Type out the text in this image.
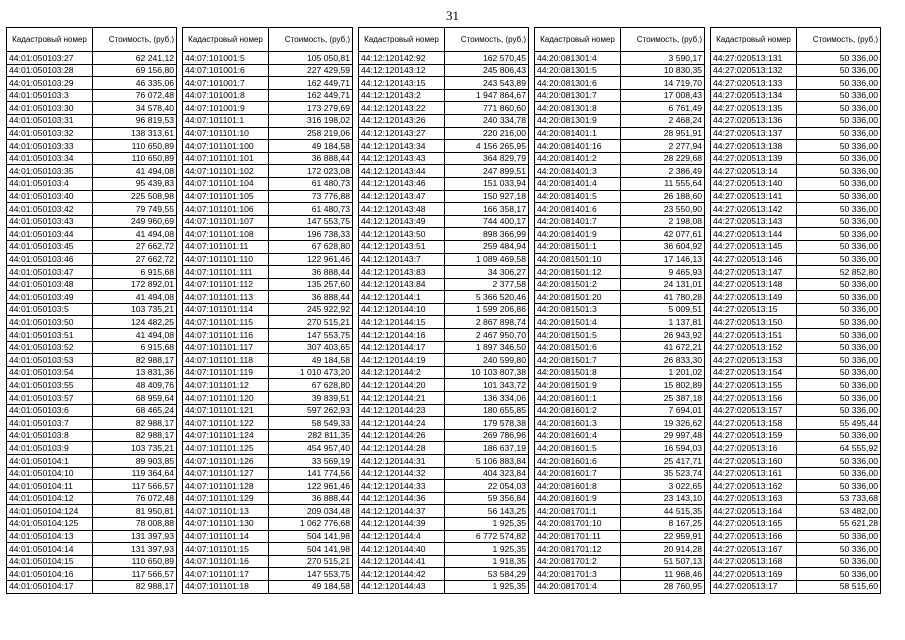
31
Кадастровый номер	Стоимость, (руб.)
44:01:050103:27	62 241,12
44:01:050103:28	69 156,80
44:01:050103:29	46 335,06
44:01:050103:3	76 072,48
44:01:050103:30	34 578,40
44:01:050103:31	96 819,53
44:01:050103:32	138 313,61
44:01:050103:33	110 650,89
44:01:050103:34	110 650,89
44:01:050103:35	41 494,08
44:01:050103:4	95 439,83
44:01:050103:40	225 508,98
44:01:050103:42	79 749,55
44:01:050103:43	249 960,69
44:01:050103:44	41 494,08
44:01:050103:45	27 662,72
44:01:050103:46	27 662,72
44:01:050103:47	6 915,68
44:01:050103:48	172 892,01
44:01:050103:49	41 494,08
44:01:050103:5	103 735,21
44:01:050103:50	124 482,25
44:01:050103:51	41 494,08
44:01:050103:52	6 915,68
44:01:050103:53	82 988,17
44:01:050103:54	13 831,36
44:01:050103:55	48 409,76
44:01:050103:57	68 959,64
44:01:050103:6	68 465,24
44:01:050103:7	82 988,17
44:01:050103:8	82 988,17
44:01:050103:9	103 735,21
44:01:050104:1	89 903,85
44:01:050104:10	119 364,64
44:01:050104:11	117 566,57
44:01:050104:12	76 072,48
44:01:050104:124	81 950,81
44:01:050104:125	78 008,88
44:01:050104:13	131 397,93
44:01:050104:14	131 397,93
44:01:050104:15	110 650,89
44:01:050104:16	117 566,57
44:01:050104:17	82 988,17
Кадастровый номер	Стоимость, (руб.)
44:07:101001:5	105 050,81
44:07:101001:6	227 429,59
44:07:101001:7	162 449,71
44:07:101001:8	162 449,71
44:07:101001:9	173 279,69
44:07:101101:1	316 198,02
44:07:101101:10	258 219,06
44:07:101101:100	49 184,58
44:07:101101:101	36 888,44
44:07:101101:102	172 023,08
44:07:101101:104	61 480,73
44:07:101101:105	73 776,88
44:07:101101:106	61 480,73
44:07:101101:107	147 553,75
44:07:101101:108	196 738,33
44:07:101101:11	67 628,80
44:07:101101:110	122 961,46
44:07:101101:111	36 888,44
44:07:101101:112	135 257,60
44:07:101101:113	36 888,44
44:07:101101:114	245 922,92
44:07:101101:115	270 515,21
44:07:101101:116	147 553,75
44:07:101101:117	307 403,65
44:07:101101:118	49 184,58
44:07:101101:119	1 010 473,20
44:07:101101:12	67 628,80
44:07:101101:120	39 839,51
44:07:101101:121	597 262,93
44:07:101101:122	58 549,33
44:07:101101:124	282 811,35
44:07:101101:125	454 957,40
44:07:101101:126	33 569,19
44:07:101101:127	141 774,56
44:07:101101:128	122 961,46
44:07:101101:129	36 888,44
44:07:101101:13	209 034,48
44:07:101101:130	1 062 776,68
44:07:101101:14	504 141,98
44:07:101101:15	504 141,98
44:07:101101:16	270 515,21
44:07:101101:17	147 553,75
44:07:101101:18	49 184,58
Кадастровый номер	Стоимость, (руб.)
44:12:120142:92	162 570,45
44:12:120143:12	245 806,43
44:12:120143:15	243 543,89
44:12:120143:2	1 947 864,67
44:12:120143:22	771 860,60
44:12:120143:26	240 334,78
44:12:120143:27	220 216,00
44:12:120143:34	4 156 265,95
44:12:120143:43	364 829,79
44:12:120143:44	247 899,51
44:12:120143:46	151 033,94
44:12:120143:47	150 927,18
44:12:120143:48	166 358,17
44:12:120143:49	744 400,17
44:12:120143:50	898 366,99
44:12:120143:51	259 484,94
44:12:120143:7	1 089 469,58
44:12:120143:83	34 306,27
44:12:120143:84	2 377,58
44:12:120144:1	5 366 520,46
44:12:120144:10	1 599 206,86
44:12:120144:15	2 867 898,74
44:12:120144:16	2 467 950,70
44:12:120144:17	1 897 346,50
44:12:120144:19	240 599,80
44:12:120144:2	10 103 807,38
44:12:120144:20	101 343,72
44:12:120144:21	136 334,06
44:12:120144:23	180 655,85
44:12:120144:24	179 578,38
44:12:120144:26	269 786,96
44:12:120144:28	186 637,19
44:12:120144:31	5 106 883,84
44:12:120144:32	404 323,84
44:12:120144:33	22 054,03
44:12:120144:36	59 356,84
44:12:120144:37	56 143,25
44:12:120144:39	1 925,35
44:12:120144:4	6 772 574,82
44:12:120144:40	1 925,35
44:12:120144:41	1 918,35
44:12:120144:42	53 584,29
44:12:120144:43	1 925,35
Кадастровый номер	Стоимость, (руб.)
44:20:081301:4	3 590,17
44:20:081301:5	10 830,35
44:20:081301:6	14 719,70
44:20:081301:7	17 008,43
44:20:081301:8	6 761,49
44:20:081301:9	2 468,24
44:20:081401:1	28 951,91
44:20:081401:16	2 277,94
44:20:081401:2	28 229,68
44:20:081401:3	2 386,49
44:20:081401:4	11 555,64
44:20:081401:5	26 188,60
44:20:081401:6	23 550,90
44:20:081401:7	2 198,08
44:20:081401:9	42 077,61
44:20:081501:1	36 604,92
44:20:081501:10	17 146,13
44:20:081501:12	9 465,93
44:20:081501:2	24 131,01
44:20:081501:20	41 780,28
44:20:081501:3	5 009,51
44:20:081501:4	1 137,81
44:20:081501:5	26 943,92
44:20:081501:6	41 672,21
44:20:081501:7	26 833,30
44:20:081501:8	1 201,02
44:20:081501:9	15 802,89
44:20:081601:1	25 387,18
44:20:081601:2	7 694,01
44:20:081601:3	19 326,62
44:20:081601:4	29 997,48
44:20:081601:5	16 594,03
44:20:081601:6	25 417,71
44:20:081601:7	35 523,74
44:20:081601:8	3 022,65
44:20:081601:9	23 143,10
44:20:081701:1	44 515,35
44:20:081701:10	8 167,25
44:20:081701:11	22 959,91
44:20:081701:12	20 914,28
44:20:081701:2	51 507,13
44:20:081701:3	11 968,46
44:20:081701:4	28 760,95
Кадастровый номер	Стоимость, (руб.)
44:27:020513:131	50 336,00
44:27:020513:132	50 336,00
44:27:020513:133	50 336,00
44:27:020513:134	50 336,00
44:27:020513:135	50 336,00
44:27:020513:136	50 336,00
44:27:020513:137	50 336,00
44:27:020513:138	50 336,00
44:27:020513:139	50 336,00
44:27:020513:14	50 336,00
44:27:020513:140	50 336,00
44:27:020513:141	50 336,00
44:27:020513:142	50 336,00
44:27:020513:143	50 336,00
44:27:020513:144	50 336,00
44:27:020513:145	50 336,00
44:27:020513:146	50 336,00
44:27:020513:147	52 852,80
44:27:020513:148	50 336,00
44:27:020513:149	50 336,00
44:27:020513:15	50 336,00
44:27:020513:150	50 336,00
44:27:020513:151	50 336,00
44:27:020513:152	50 336,00
44:27:020513:153	50 336,00
44:27:020513:154	50 336,00
44:27:020513:155	50 336,00
44:27:020513:156	50 336,00
44:27:020513:157	50 336,00
44:27:020513:158	55 495,44
44:27:020513:159	50 336,00
44:27:020513:16	64 555,92
44:27:020513:160	50 336,00
44:27:020513:161	50 336,00
44:27:020513:162	50 336,00
44:27:020513:163	53 733,68
44:27:020513:164	53 482,00
44:27:020513:165	55 621,28
44:27:020513:166	50 336,00
44:27:020513:167	50 336,00
44:27:020513:168	50 336,00
44:27:020513:169	50 336,00
44:27:020513:17	58 515,60
